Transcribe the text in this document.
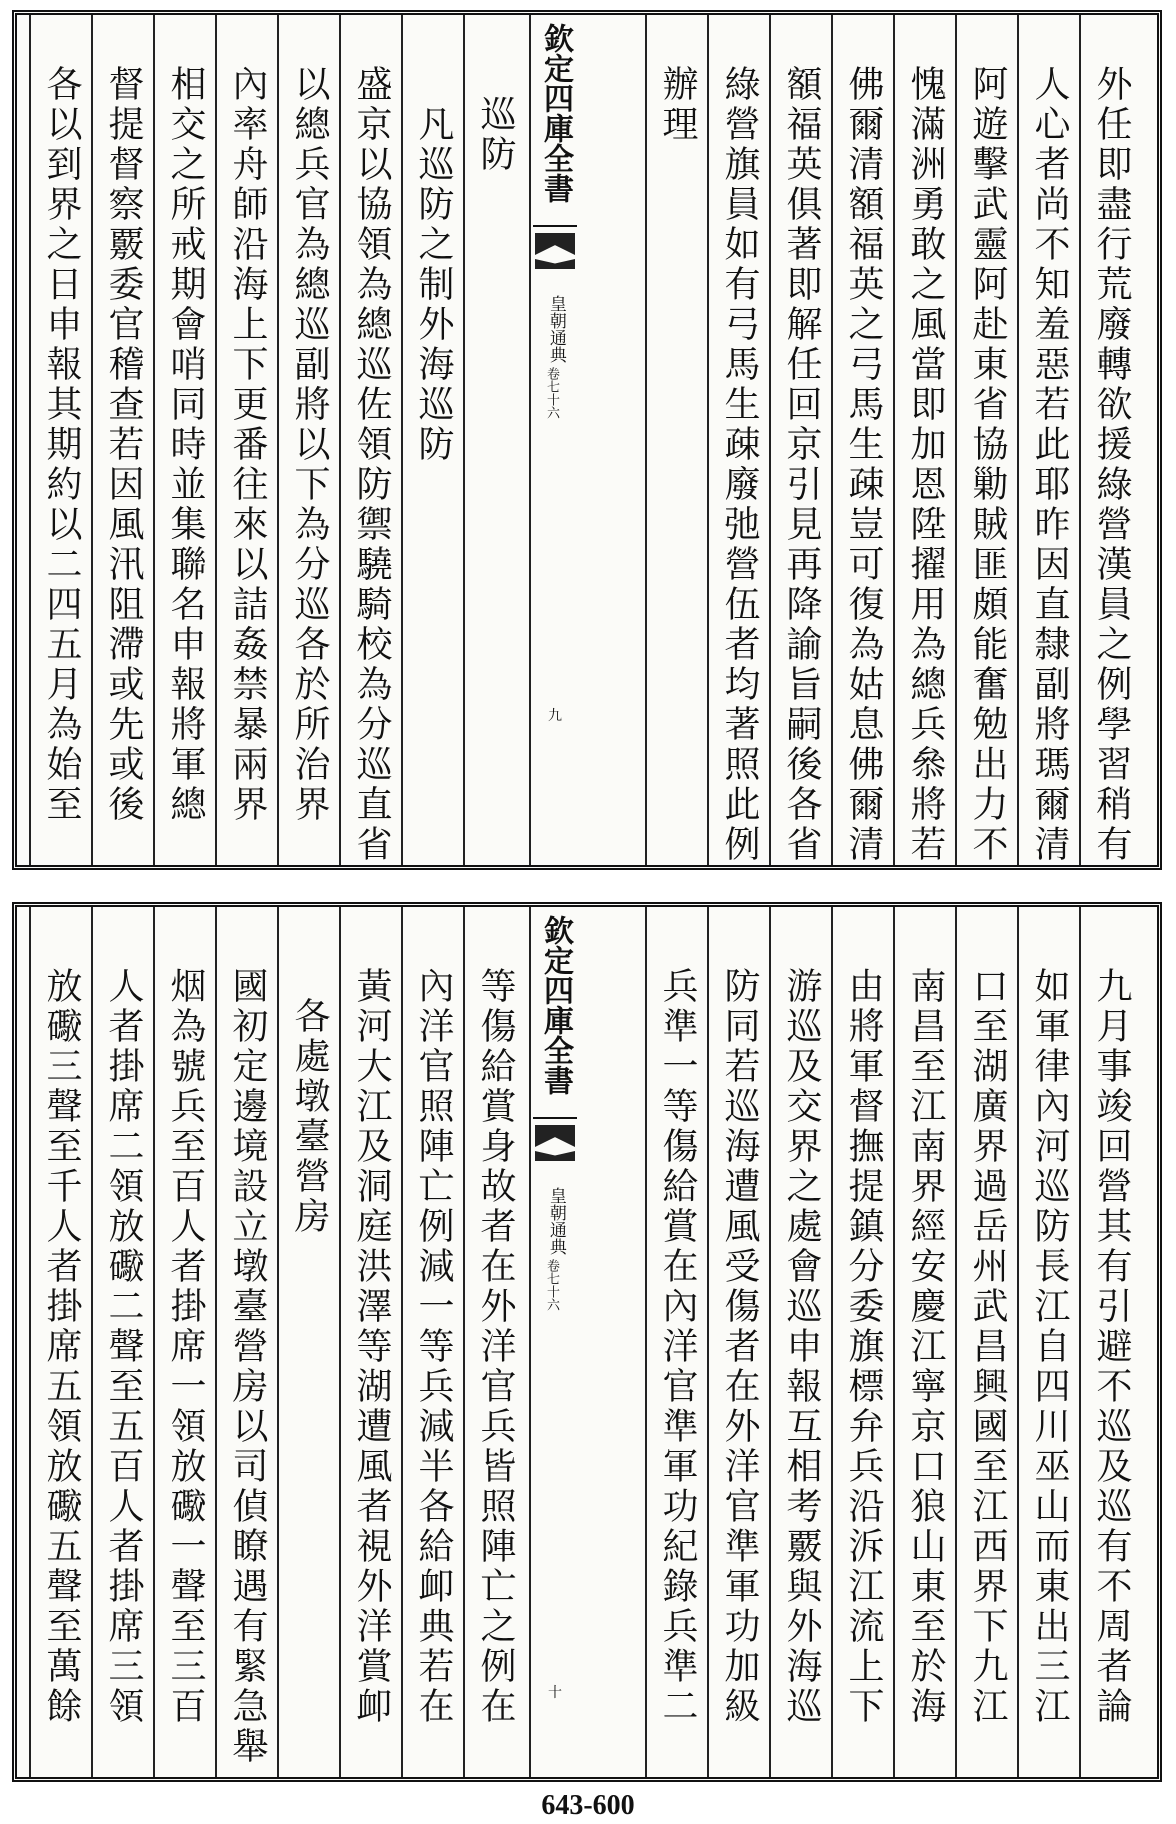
外任即盡行荒廢轉欲援綠營漢員之例學習稍有
人心者尚不知羞惡若此耶昨因直隸副將瑪爾清
阿遊擊武靈阿赴東省協勦賊匪頗能奮勉出力不
愧滿洲勇敢之風當即加恩陞擢用為總兵叅將若
佛爾清額福英之弓馬生疎豈可復為姑息佛爾清
額福英俱著即解任回京引見再降諭旨嗣後各省
綠營旗員如有弓馬生疎廢弛營伍者均著照此例
辦理
欽定四庫全書
皇朝通典
卷七十六
九
巡防
凡巡防之制外海巡防
盛京以協領為總巡佐領防禦驍騎校為分巡直省
以總兵官為總巡副將以下為分巡各於所治界
內率舟師沿海上下更番往來以詰姦禁暴兩界
相交之所戒期會哨同時並集聯名申報將軍總
督提督察覈委官稽查若因風汛阻滯或先或後
各以到界之日申報其期約以二四五月為始至
九月事竣回營其有引避不巡及巡有不周者論
如軍律內河巡防長江自四川巫山而東出三江
口至湖廣界過岳州武昌興國至江西界下九江
南昌至江南界經安慶江寧京口狼山東至於海
由將軍督撫提鎮分委旗標弁兵沿泝江流上下
游巡及交界之處會巡申報互相考覈與外海巡
防同若巡海遭風受傷者在外洋官準軍功加級
兵準一等傷給賞在內洋官準軍功紀錄兵準二
欽定四庫全書
皇朝通典
卷七十六
十
等傷給賞身故者在外洋官兵皆照陣亡之例在
內洋官照陣亡例減一等兵減半各給卹典若在
黃河大江及洞庭洪澤等湖遭風者視外洋賞卹
各處墩臺營房
國初定邊境設立墩臺營房以司偵瞭遇有緊急舉
烟為號兵至百人者掛席一領放礮一聲至三百
人者掛席二領放礮二聲至五百人者掛席三領
放礮三聲至千人者掛席五領放礮五聲至萬餘
643-600
